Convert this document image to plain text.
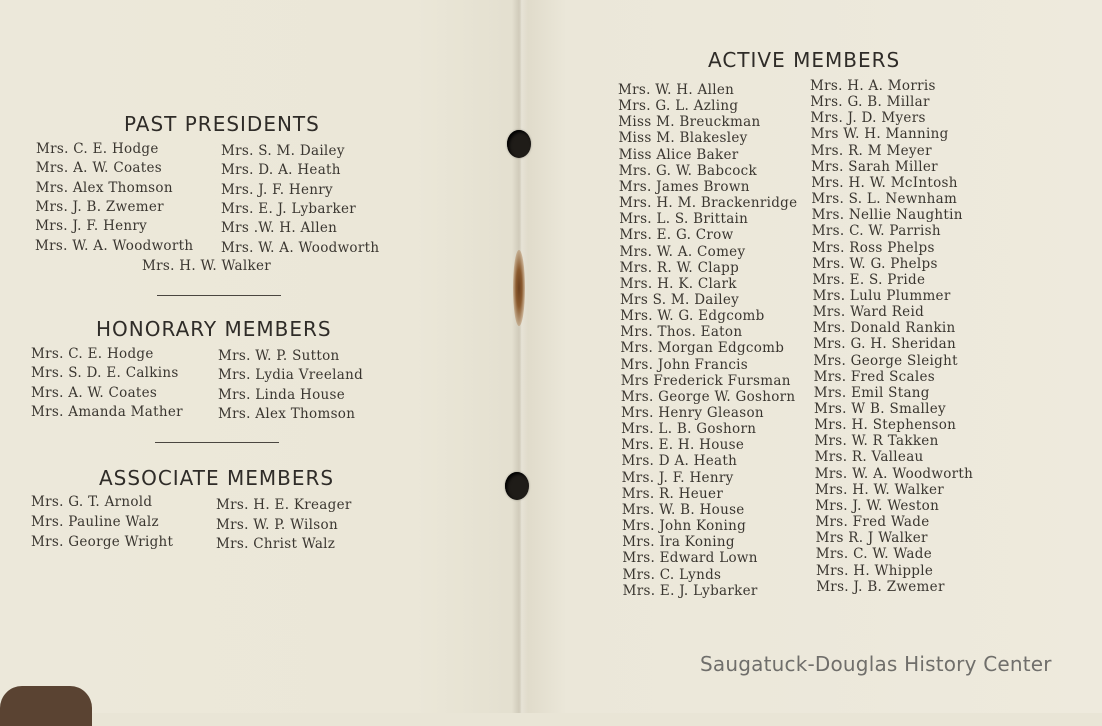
PAST PRESIDENTS
Mrs. C. E. Hodge
Mrs. A. W. Coates
Mrs. Alex Thomson
Mrs. J. B. Zwemer
Mrs. J. F. Henry
Mrs. W. A. Woodworth
Mrs. S. M. Dailey
Mrs. D. A. Heath
Mrs. J. F. Henry
Mrs. E. J. Lybarker
Mrs .W. H. Allen
Mrs. W. A. Woodworth
Mrs. H. W. Walker
HONORARY MEMBERS
Mrs. C. E. Hodge
Mrs. S. D. E. Calkins
Mrs. A. W. Coates
Mrs. Amanda Mather
Mrs. W. P. Sutton
Mrs. Lydia Vreeland
Mrs. Linda House
Mrs. Alex Thomson
ASSOCIATE MEMBERS
Mrs. G. T. Arnold
Mrs. Pauline Walz
Mrs. George Wright
Mrs. H. E. Kreager
Mrs. W. P. Wilson
Mrs. Christ Walz
ACTIVE MEMBERS
Mrs. W. H. Allen
Mrs. G. L. Azling
Miss M. Breuckman
Miss M. Blakesley
Miss Alice Baker
Mrs. G. W. Babcock
Mrs. James Brown
Mrs. H. M. Brackenridge
Mrs. L. S. Brittain
Mrs. E. G. Crow
Mrs. W. A. Comey
Mrs. R. W. Clapp
Mrs. H. K. Clark
Mrs S. M. Dailey
Mrs. W. G. Edgcomb
Mrs. Thos. Eaton
Mrs. Morgan Edgcomb
Mrs. John Francis
Mrs Frederick Fursman
Mrs. George W. Goshorn
Mrs. Henry Gleason
Mrs. L. B. Goshorn
Mrs. E. H. House
Mrs. D A. Heath
Mrs. J. F. Henry
Mrs. R. Heuer
Mrs. W. B. House
Mrs. John Koning
Mrs. Ira Koning
Mrs. Edward Lown
Mrs. C. Lynds
Mrs. E. J. Lybarker
Mrs. H. A. Morris
Mrs. G. B. Millar
Mrs. J. D. Myers
Mrs W. H. Manning
Mrs. R. M Meyer
Mrs. Sarah Miller
Mrs. H. W. McIntosh
Mrs. S. L. Newnham
Mrs. Nellie Naughtin
Mrs. C. W. Parrish
Mrs. Ross Phelps
Mrs. W. G. Phelps
Mrs. E. S. Pride
Mrs. Lulu Plummer
Mrs. Ward Reid
Mrs. Donald Rankin
Mrs. G. H. Sheridan
Mrs. George Sleight
Mrs. Fred Scales
Mrs. Emil Stang
Mrs. W B. Smalley
Mrs. H. Stephenson
Mrs. W. R Takken
Mrs. R. Valleau
Mrs. W. A. Woodworth
Mrs. H. W. Walker
Mrs. J. W. Weston
Mrs. Fred Wade
Mrs R. J Walker
Mrs. C. W. Wade
Mrs. H. Whipple
Mrs. J. B. Zwemer
Saugatuck-Douglas History Center
